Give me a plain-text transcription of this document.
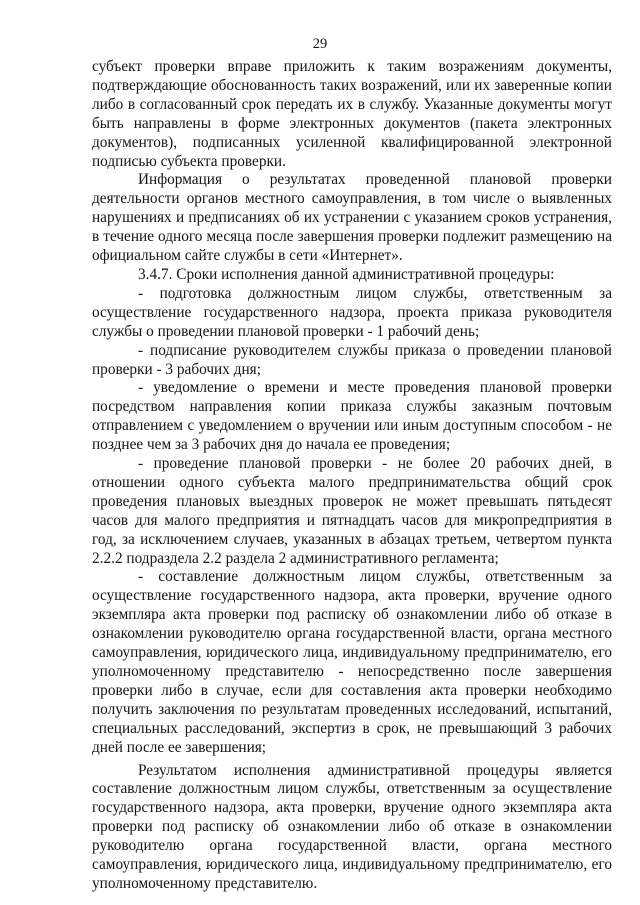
29

субъект проверки вправе приложить к таким возражениям документы, подтверждающие обоснованность таких возражений, или их заверенные копии либо в согласованный срок передать их в службу. Указанные документы могут быть направлены в форме электронных документов (пакета электронных документов), подписанных усиленной квалифицированной электронной подписью субъекта проверки.

Информация о результатах проведенной плановой проверки деятельности органов местного самоуправления, в том числе о выявленных нарушениях и предписаниях об их устранении с указанием сроков устранения, в течение одного месяца после завершения проверки подлежит размещению на официальном сайте службы в сети «Интернет».

3.4.7. Сроки исполнения данной административной процедуры:

- подготовка должностным лицом службы, ответственным за осуществление государственного надзора, проекта приказа руководителя службы о проведении плановой проверки - 1 рабочий день;

- подписание руководителем службы приказа о проведении плановой проверки - 3 рабочих дня;

- уведомление о времени и месте проведения плановой проверки посредством направления копии приказа службы заказным почтовым отправлением с уведомлением о вручении или иным доступным способом - не позднее чем за 3 рабочих дня до начала ее проведения;

- проведение плановой проверки - не более 20 рабочих дней, в отношении одного субъекта малого предпринимательства общий срок проведения плановых выездных проверок не может превышать пятьдесят часов для малого предприятия и пятнадцать часов для микропредприятия в год, за исключением случаев, указанных в абзацах третьем, четвертом пункта 2.2.2 подраздела 2.2 раздела 2 административного регламента;

- составление должностным лицом службы, ответственным за осуществление государственного надзора, акта проверки, вручение одного экземпляра акта проверки под расписку об ознакомлении либо об отказе в ознакомлении руководителю органа государственной власти, органа местного самоуправления, юридического лица, индивидуальному предпринимателю, его уполномоченному представителю - непосредственно после завершения проверки либо в случае, если для составления акта проверки необходимо получить заключения по результатам проведенных исследований, испытаний, специальных расследований, экспертиз в срок, не превышающий 3 рабочих дней после ее завершения;

Результатом исполнения административной процедуры является составление должностным лицом службы, ответственным за осуществление государственного надзора, акта проверки, вручение одного экземпляра акта проверки под расписку об ознакомлении либо об отказе в ознакомлении руководителю органа государственной власти, органа местного самоуправления, юридического лица, индивидуальному предпринимателю, его уполномоченному представителю.
